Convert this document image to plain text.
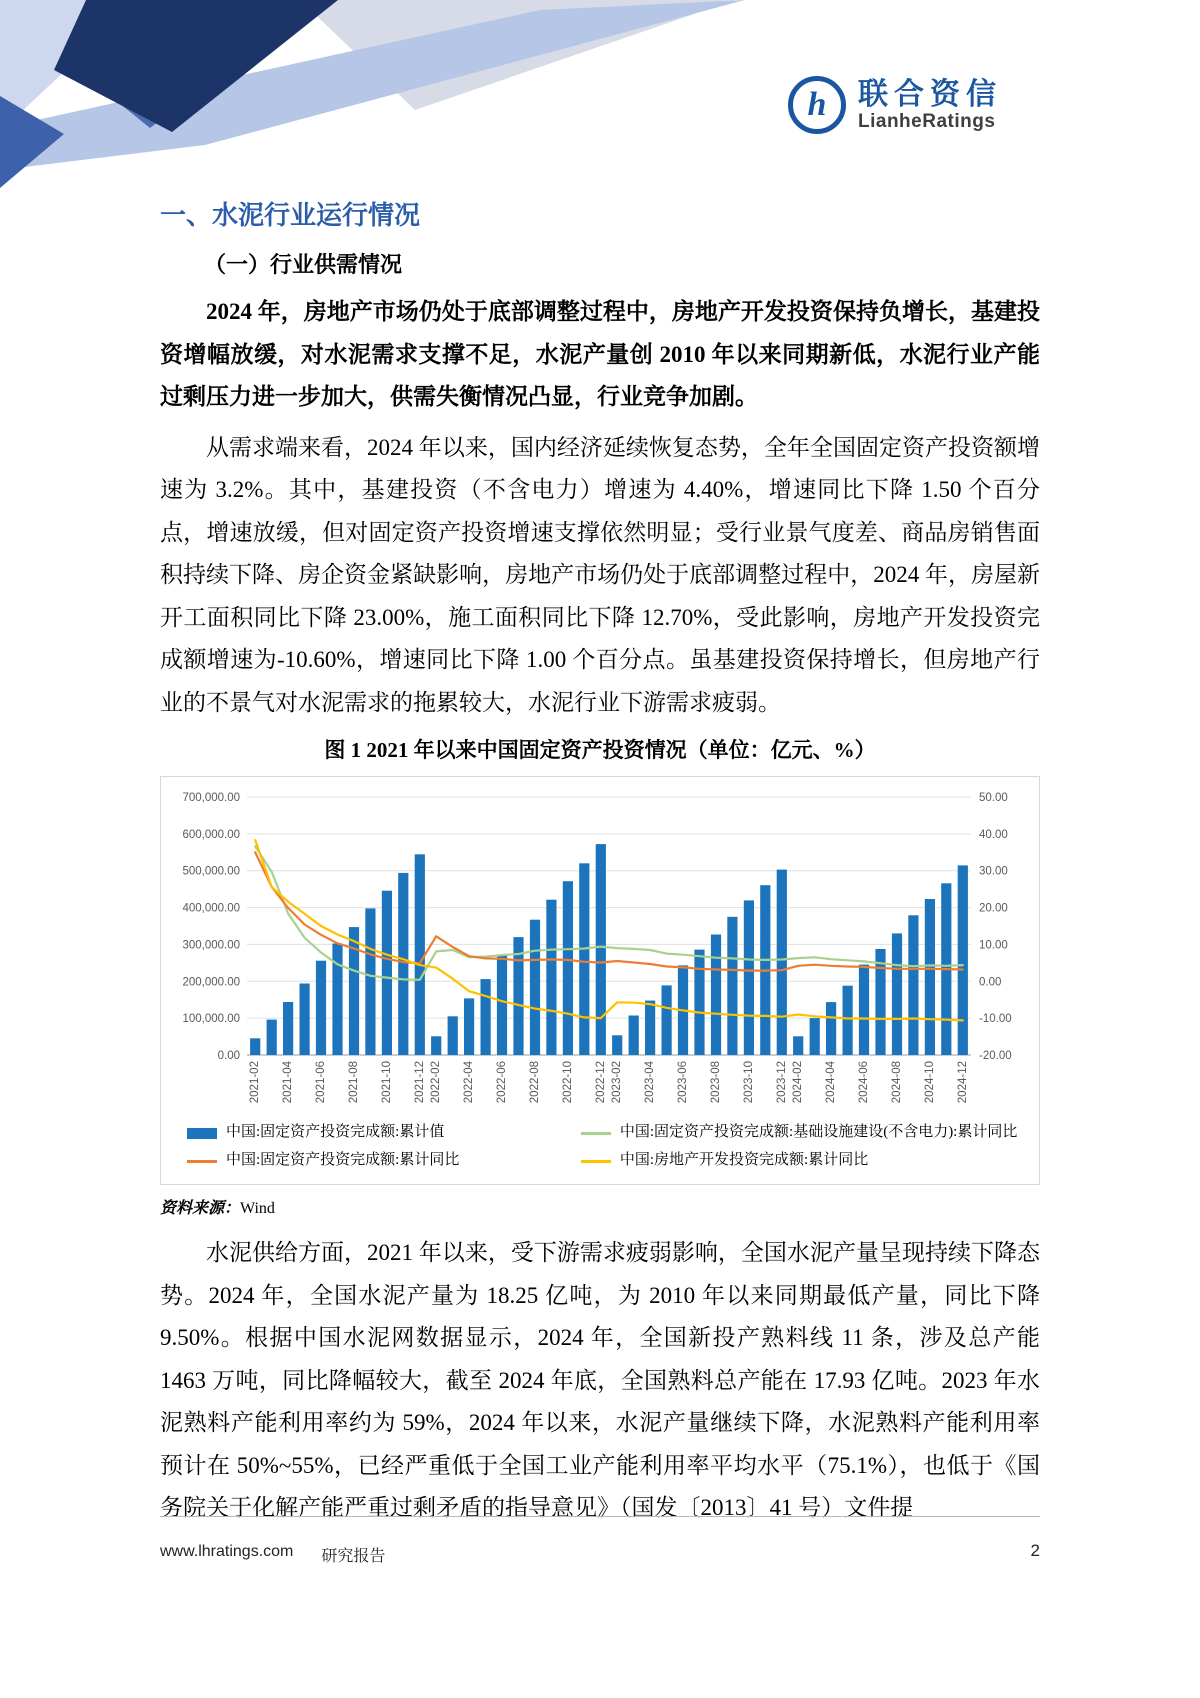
h	联合资信
LianheRatings
一、水泥行业运行情况
（一）行业供需情况

2024 年，房地产市场仍处于底部调整过程中，房地产开发投资保持负增长，基建投资增幅放缓，对水泥需求支撑不足，水泥产量创 2010 年以来同期新低，水泥行业产能过剩压力进一步加大，供需失衡情况凸显，行业竞争加剧。

从需求端来看，2024 年以来，国内经济延续恢复态势，全年全国固定资产投资额增速为 3.2%。其中，基建投资（不含电力）增速为 4.40%，增速同比下降 1.50 个百分点，增速放缓，但对固定资产投资增速支撑依然明显；受行业景气度差、商品房销售面积持续下降、房企资金紧缺影响，房地产市场仍处于底部调整过程中，2024 年，房屋新开工面积同比下降 23.00%，施工面积同比下降 12.70%，受此影响，房地产开发投资完成额增速为-10.60%，增速同比下降 1.00 个百分点。虽基建投资保持增长，但房地产行业的不景气对水泥需求的拖累较大，水泥行业下游需求疲弱。

图 1 2021 年以来中国固定资产投资情况（单位：亿元、%）
0.00
100,000.00
200,000.00
300,000.00
400,000.00
500,000.00
600,000.00
700,000.00
-20.00
-10.00
0.00
10.00
20.00
30.00
40.00
50.00
2021-02 2021-04 2021-06 2021-08 2021-10 2021-12 2022-02 2022-04 2022-06 2022-08 2022-10 2022-12 2023-02 2023-04 2023-06 2023-08 2023-10 2023-12 2024-02 2024-04 2024-06 2024-08 2024-10 2024-12
中国:固定资产投资完成额:累计值	中国:固定资产投资完成额:基础设施建设(不含电力):累计同比
中国:固定资产投资完成额:累计同比	中国:房地产开发投资完成额:累计同比
资料来源：Wind

水泥供给方面，2021 年以来，受下游需求疲弱影响，全国水泥产量呈现持续下降态势。2024 年，全国水泥产量为 18.25 亿吨，为 2010 年以来同期最低产量，同比下降 9.50%。根据中国水泥网数据显示，2024 年，全国新投产熟料线 11 条，涉及总产能 1463 万吨，同比降幅较大，截至 2024 年底，全国熟料总产能在 17.93 亿吨。2023 年水泥熟料产能利用率约为 59%，2024 年以来，水泥产量继续下降，水泥熟料产能利用率预计在 50%~55%，已经严重低于全国工业产能利用率平均水平（75.1%），也低于《国务院关于化解产能严重过剩矛盾的指导意见》（国发〔2013〕41 号）文件提

www.lhratings.com 研究报告	2
